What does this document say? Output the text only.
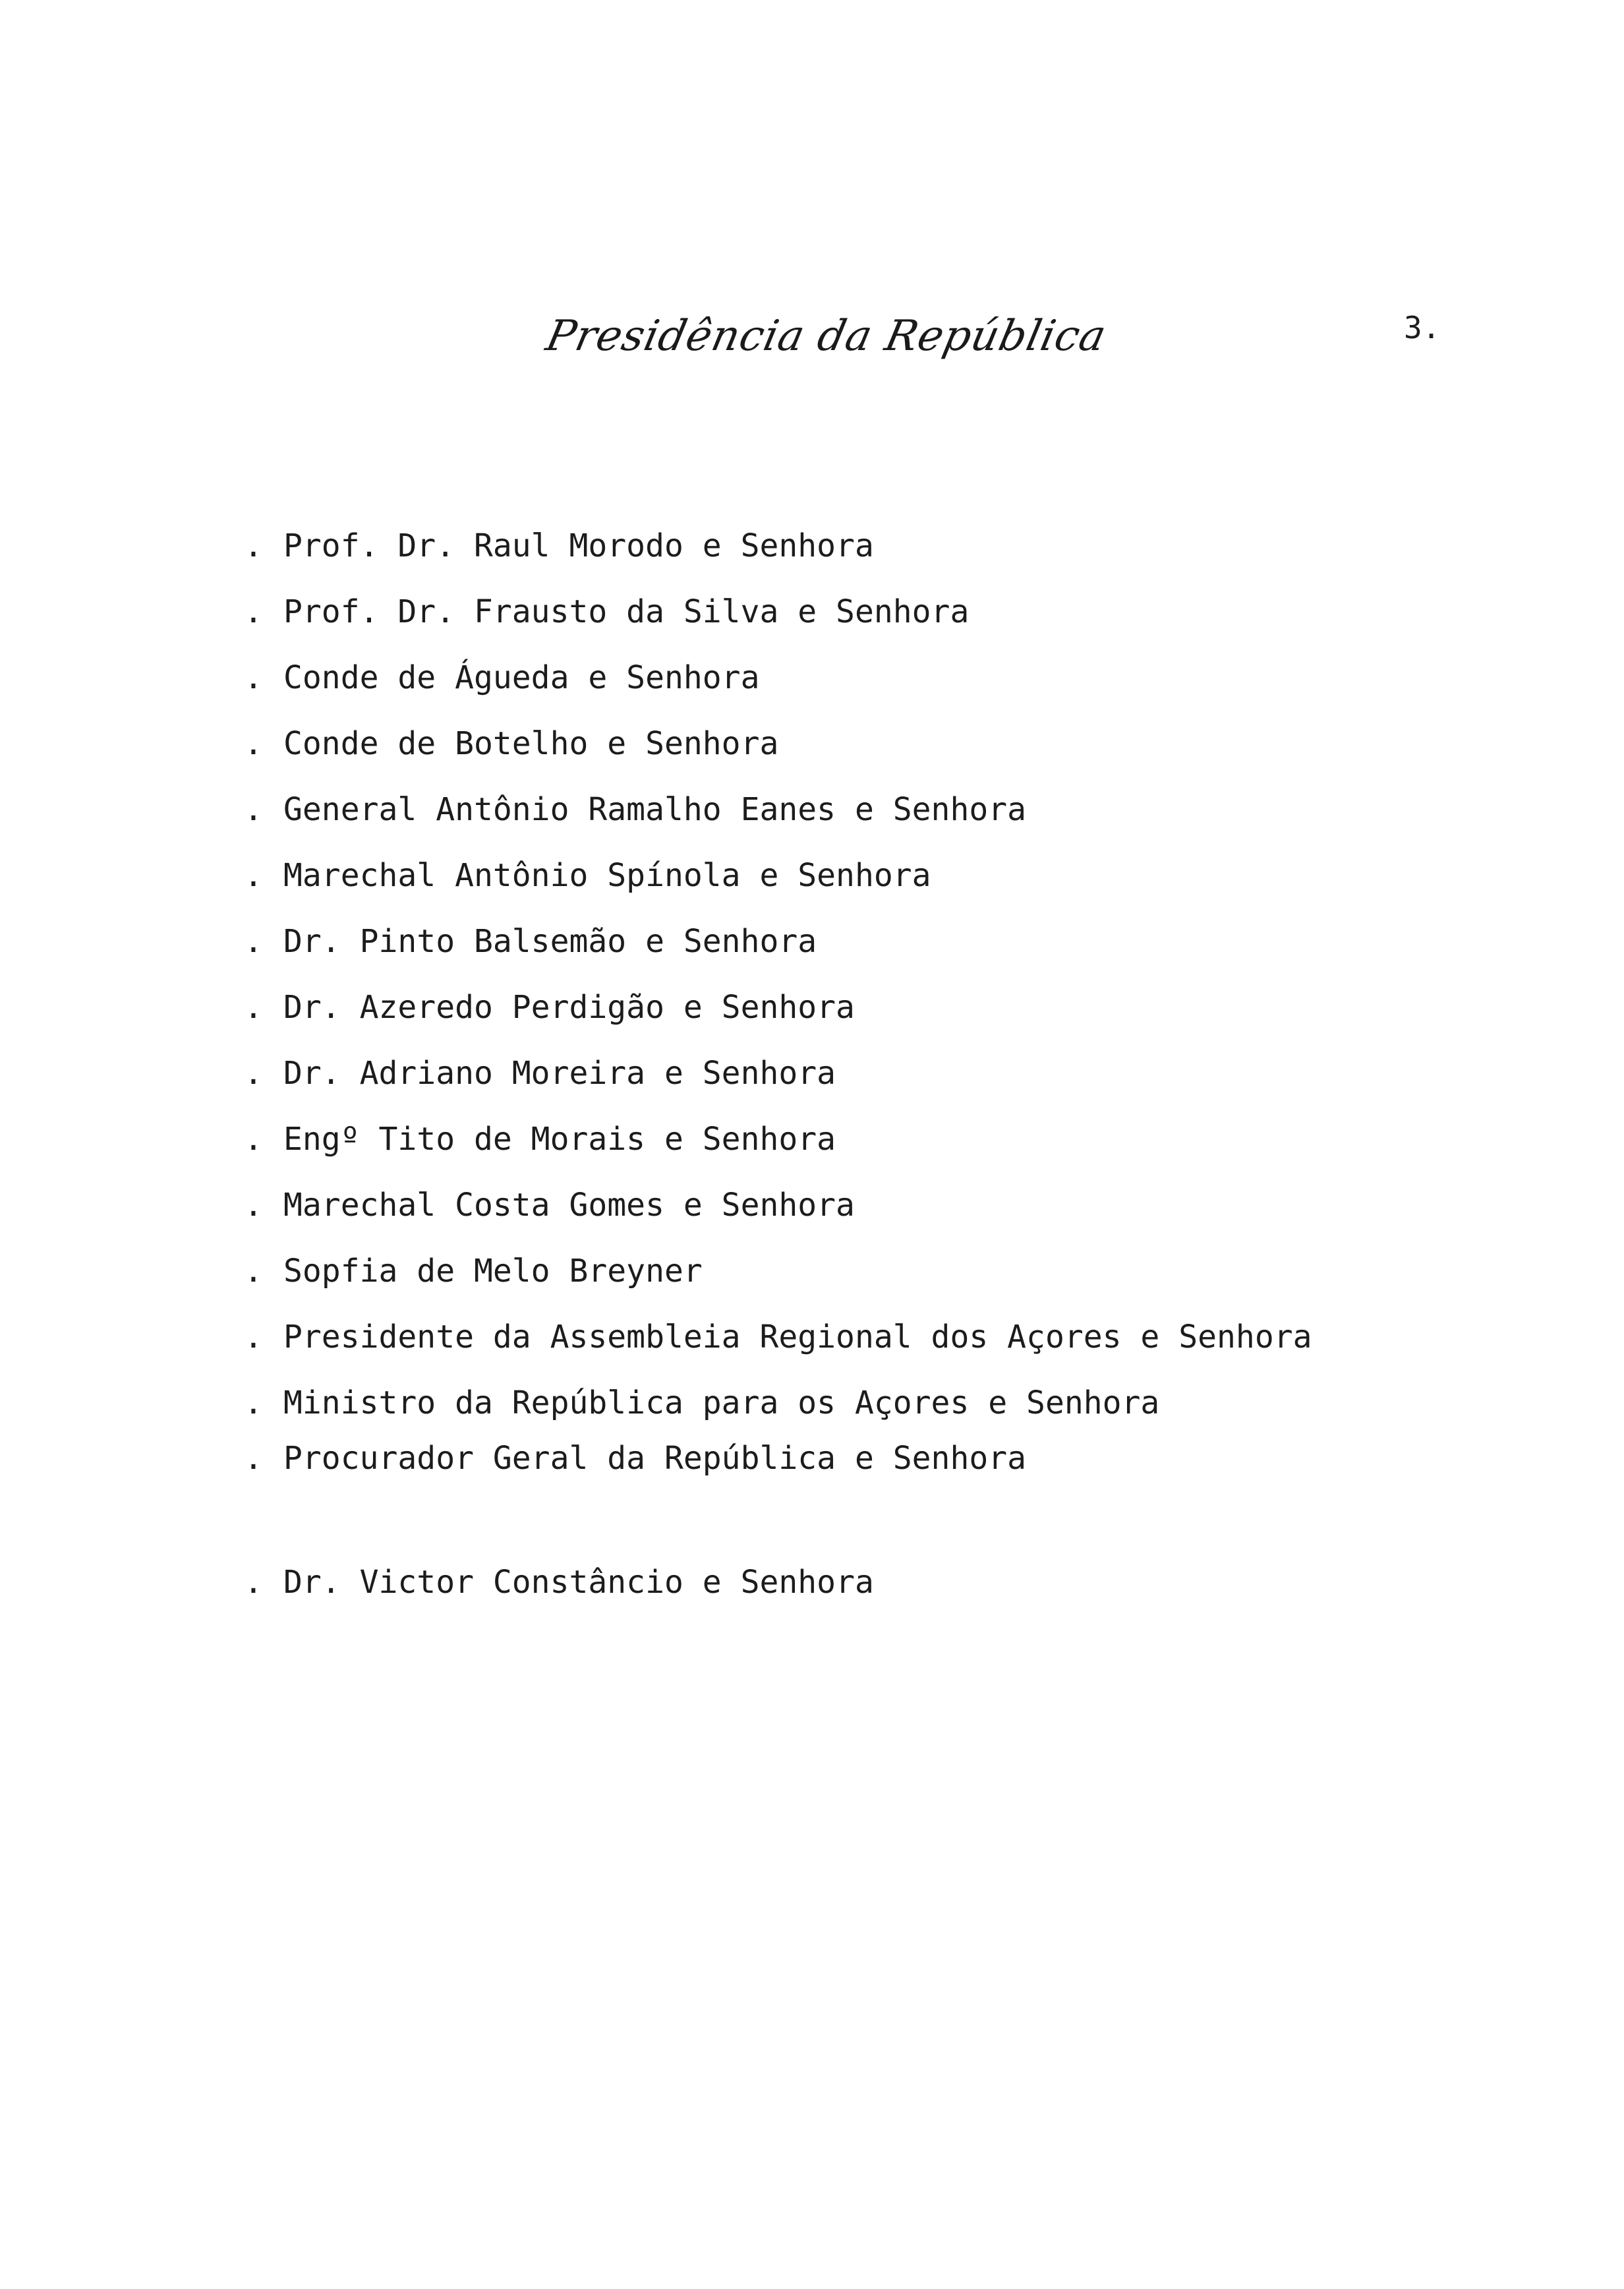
Presidência da República	3.
. Prof. Dr. Raul Morodo e Senhora
. Prof. Dr. Frausto da Silva e Senhora
. Conde de Águeda e Senhora
. Conde de Botelho e Senhora
. General Antônio Ramalho Eanes e Senhora
. Marechal Antônio Spínola e Senhora
. Dr. Pinto Balsemão e Senhora
. Dr. Azeredo Perdigão e Senhora
. Dr. Adriano Moreira e Senhora
. Engº Tito de Morais e Senhora
. Marechal Costa Gomes e Senhora
. Sopfia de Melo Breyner
. Presidente da Assembleia Regional dos Açores e Senhora
. Ministro da República para os Açores e Senhora
. Procurador Geral da República e Senhora
. Dr. Victor Constâncio e Senhora
